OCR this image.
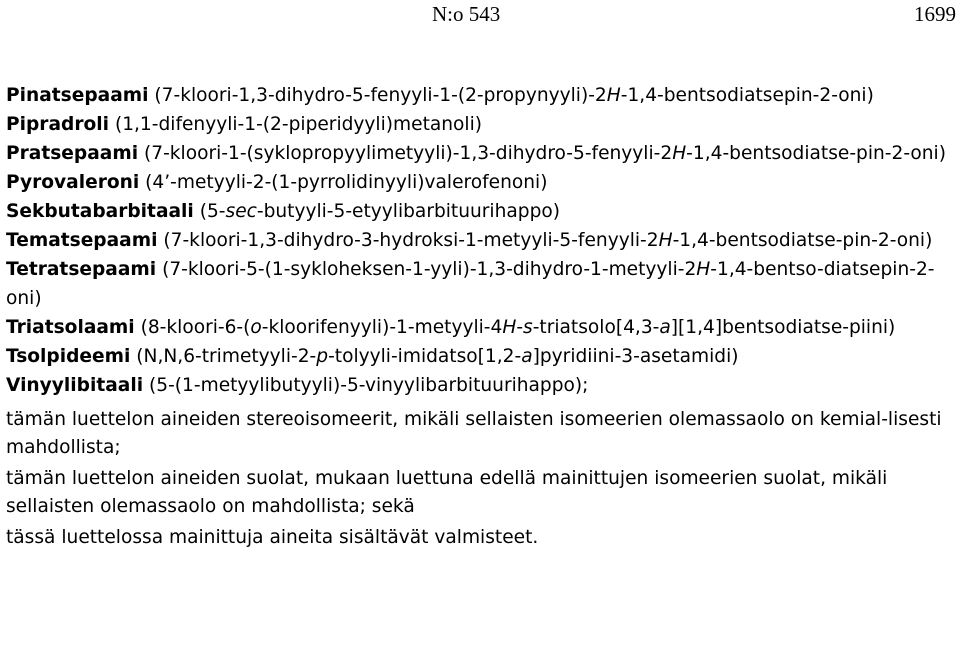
N:o 543	1699

Pinatsepaami (7-kloori-1,3-dihydro-5-fenyyli-1-(2-propynyyli)-2H-1,4-bentsodiatsepin-2-oni)

Pipradroli (1,1-difenyyli-1-(2-piperidyyli)metanoli)

Pratsepaami (7-kloori-1-(syklopropyylimetyyli)-1,3-dihydro-5-fenyyli-2H-1,4-bentsodiatse-pin-2-oni)

Pyrovaleroni (4’-metyyli-2-(1-pyrrolidinyyli)valerofenoni)

Sekbutabarbitaali (5-sec-butyyli-5-etyylibarbituurihappo)

Tematsepaami (7-kloori-1,3-dihydro-3-hydroksi-1-metyyli-5-fenyyli-2H-1,4-bentsodiatse-pin-2-oni)

Tetratsepaami (7-kloori-5-(1-sykloheksen-1-yyli)-1,3-dihydro-1-metyyli-2H-1,4-bentso-diatsepin-2-oni)

Triatsolaami (8-kloori-6-(o-kloorifenyyli)-1-metyyli-4H-s-triatsolo[4,3-a][1,4]bentsodiatse-piini)

Tsolpideemi (N,N,6-trimetyyli-2-p-tolyyli-imidatso[1,2-a]pyridiini-3-asetamidi)

Vinyylibitaali (5-(1-metyylibutyyli)-5-vinyylibarbituurihappo);

tämän luettelon aineiden stereoisomeerit, mikäli sellaisten isomeerien olemassaolo on kemial-lisesti mahdollista;

tämän luettelon aineiden suolat, mukaan luettuna edellä mainittujen isomeerien suolat, mikäli sellaisten olemassaolo on mahdollista; sekä

tässä luettelossa mainittuja aineita sisältävät valmisteet.
